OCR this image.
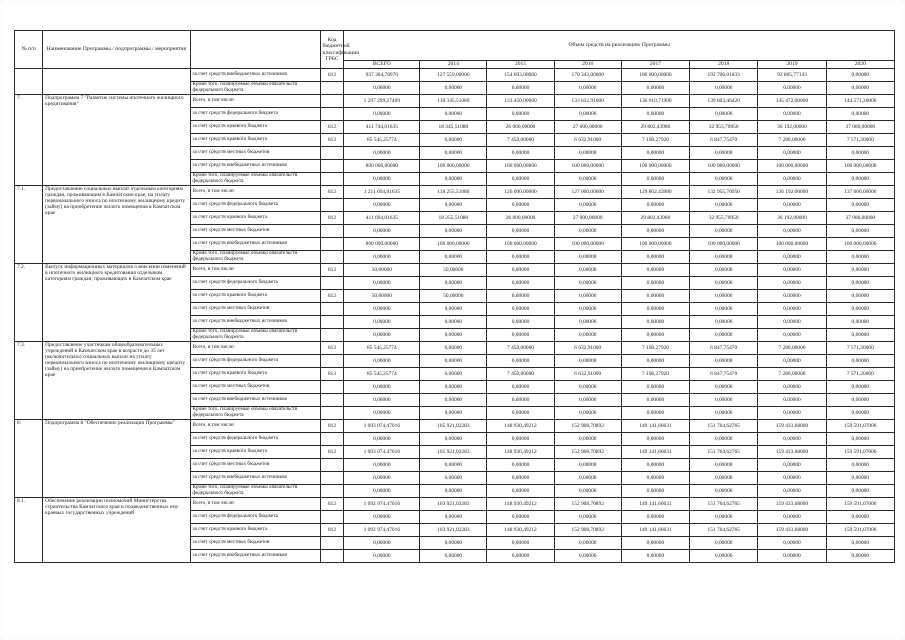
№ п/п	Наименование Программы / подпрограммы / мероприятия		Код бюджетной классификации ГРБС	Объем средств на реализацию Программы							
				ВСЕГО	2014	2015	2016	2017	2018	2019	2020
		за счет средств внебюджетных источников	812	937 364,78976	127 559,00000	154 693,00000	170 343,00000	180 000,00000	192 706,01833	93 805,77143	0,00000
		Кроме того, планируемые объемы обязательств федерального бюджета		0,00000	0,00000	0,00000	0,00000	0,00000	0,00000	0,00000	0,00000
7.	Подпрограмма 7 "Развитие системы ипотечного жилищного кредитования"	Всего, в том числе:		1 297 299,27409	118 345,51080	133 450,00000	133 632,91000	136 910,71900	139 803,46420	145 472,00000	144 571,20000
		за счет средств федерального бюджета		0,00000	0,00000	0,00000	0,00000	0,00000	0,00000	0,00000	0,00000
		за счет средств краевого бюджета	812	411 744,01635	18 345,51080	26 000,00000	27 000,00000	29 802,43980	32 955,70950	36 192,00000	37 000,00000
		за счет средств краевого бюджета	813	85 545,25774	0,00000	7 450,00000	6 632,91000	7 108,27920	6 847,75470	7 280,00000	7 571,20000
		за счет средств местных бюджетов		0,00000	0,00000	0,00000	0,00000	0,00000	0,00000	0,00000	0,00000
		за счет средств внебюджетных источников		800 000,00000	100 000,00000	100 000,00000	100 000,00000	100 000,00000	100 000,00000	100 000,00000	100 000,00000
		Кроме того, планируемые объемы обязательств федерального бюджета		0,00000	0,00000	0,00000	0,00000	0,00000	0,00000	0,00000	0,00000
7.1.	Предоставление социальных выплат отдельным категориям граждан, проживающим в Камчатском крае, на уплату первоначального взноса по ипотечному жилищному кредиту (займу) на приобретение жилого помещения в Камчатском крае	Всего, в том числе:	812	1 211 694,01635	118 255,51080	126 000,00000	127 000,00000	129 802,43980	132 955,70950	136 192,00000	137 000,00000
		за счет средств федерального бюджета		0,00000	0,00000	0,00000	0,00000	0,00000	0,00000	0,00000	0,00000
		за счет средств краевого бюджета	812	411 694,01635	18 255,51080	26 000,00000	27 000,00000	29 802,43980	32 955,70950	36 192,00000	37 000,00000
		за счет средств местных бюджетов		0,00000	0,00000	0,00000	0,00000	0,00000	0,00000	0,00000	0,00000
		за счет средств внебюджетных источников		800 000,00000	100 000,00000	100 000,00000	100 000,00000	100 000,00000	100 000,00000	100 000,00000	100 000,00000
		Кроме того, планируемые объемы обязательств федерального бюджета		0,00000	0,00000	0,00000	0,00000	0,00000	0,00000	0,00000	0,00000
7.2.	Выпуск информационных материалов о внесении изменений в ипотечного жилищного кредитования отдельным категориям граждан, проживающих в Камчатском крае	Всего, в том числе:	812	50,00000	50,00000	0,00000	0,00000	0,00000	0,00000	0,00000	0,00000
		за счет средств федерального бюджета		0,00000	0,00000	0,00000	0,00000	0,00000	0,00000	0,00000	0,00000
		за счет средств краевого бюджета	812	50,00000	50,00000	0,00000	0,00000	0,00000	0,00000	0,00000	0,00000
		за счет средств местных бюджетов		0,00000	0,00000	0,00000	0,00000	0,00000	0,00000	0,00000	0,00000
		за счет средств внебюджетных источников		0,00000	0,00000	0,00000	0,00000	0,00000	0,00000	0,00000	0,00000
		Кроме того, планируемые объемы обязательств федерального бюджета		0,00000	0,00000	0,00000	0,00000	0,00000	0,00000	0,00000	0,00000
7.3.	Предоставление участникам общеобразовательных учреждений в Камчатском крае в возрасте до 35 лет (включительно) социальных выплат на уплату первоначального взноса по ипотечному жилищному кредиту (займу) на приобретение жилого помещения в Камчатском крае	Всего, в том числе:	813	85 545,25774	0,00000	7 450,00000	6 632,91000	7 108,27920	6 847,75470	7 280,00000	7 571,20000
		за счет средств федерального бюджета		0,00000	0,00000	0,00000	0,00000	0,00000	0,00000	0,00000	0,00000
		за счет средств краевого бюджета	813	85 545,25774	0,00000	7 450,00000	6 632,91000	7 108,27920	6 847,75470	7 280,00000	7 571,20000
		за счет средств местных бюджетов		0,00000	0,00000	0,00000	0,00000	0,00000	0,00000	0,00000	0,00000
		за счет средств внебюджетных источников		0,00000	0,00000	0,00000	0,00000	0,00000	0,00000	0,00000	0,00000
		Кроме того, планируемые объемы обязательств федерального бюджета		0,00000	0,00000	0,00000	0,00000	0,00000	0,00000	0,00000	0,00000
8.	Подпрограмма 8 "Обеспечение реализации Программы"	Всего, в том числе:	812	1 093 074,47016	105 921,02283	148 930,49212	152 908,70892	149 141,66631	151 764,62765	159 433,68000	159 591,07000
		за счет средств федерального бюджета		0,00000	0,00000	0,00000	0,00000	0,00000	0,00000	0,00000	0,00000
		за счет средств краевого бюджета	812	1 093 074,47016	105 921,02283	148 930,49212	152 908,70892	149 141,66631	151 764,62765	159 433,68000	159 591,07000
		за счет средств местных бюджетов		0,00000	0,00000	0,00000	0,00000	0,00000	0,00000	0,00000	0,00000
		за счет средств внебюджетных источников		0,00000	0,00000	0,00000	0,00000	0,00000	0,00000	0,00000	0,00000
		Кроме того, планируемые объемы обязательств федерального бюджета		0,00000	0,00000	0,00000	0,00000	0,00000	0,00000	0,00000	0,00000
8.1.	Обеспечение реализации полномочий Министерства строительства Камчатского края и подведомственных ему краевых государственных учреждений	Всего, в том числе:	812	1 092 974,47016	103 921,02283	148 930,49212	152 908,70892	149 141,66631	151 764,62765	159 433,68000	159 591,07000
		за счет средств федерального бюджета		0,00000	0,00000	0,00000	0,00000	0,00000	0,00000	0,00000	0,00000
		за счет средств краевого бюджета	812	1 092 974,47016	103 921,02283	148 930,49212	152 908,70892	149 141,66631	151 764,62765	159 433,68000	159 591,07000
		за счет средств местных бюджетов		0,00000	0,00000	0,00000	0,00000	0,00000	0,00000	0,00000	0,00000
		за счет средств внебюджетных источников		0,00000	0,00000	0,00000	0,00000	0,00000	0,00000	0,00000	0,00000
